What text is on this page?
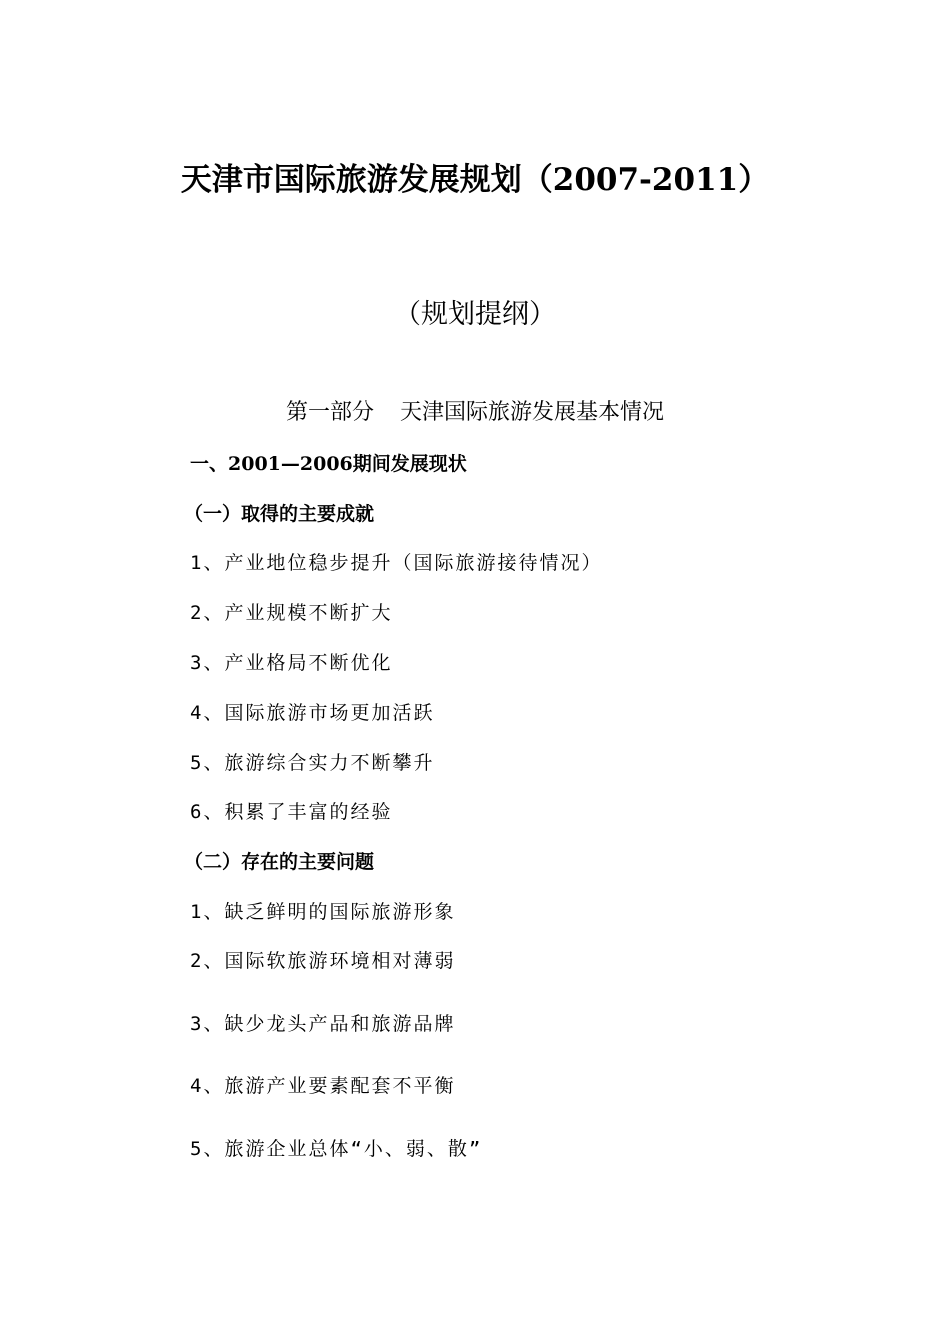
天津市国际旅游发展规划（2007-2011）
（规划提纲）
第一部分 天津国际旅游发展基本情况
一、2001—2006期间发展现状
（一）取得的主要成就
1、产业地位稳步提升（国际旅游接待情况）
2、产业规模不断扩大
3、产业格局不断优化
4、国际旅游市场更加活跃
5、旅游综合实力不断攀升
6、积累了丰富的经验
（二）存在的主要问题
1、缺乏鲜明的国际旅游形象
2、国际软旅游环境相对薄弱
3、缺少龙头产品和旅游品牌
4、旅游产业要素配套不平衡
5、旅游企业总体“小、弱、散”
